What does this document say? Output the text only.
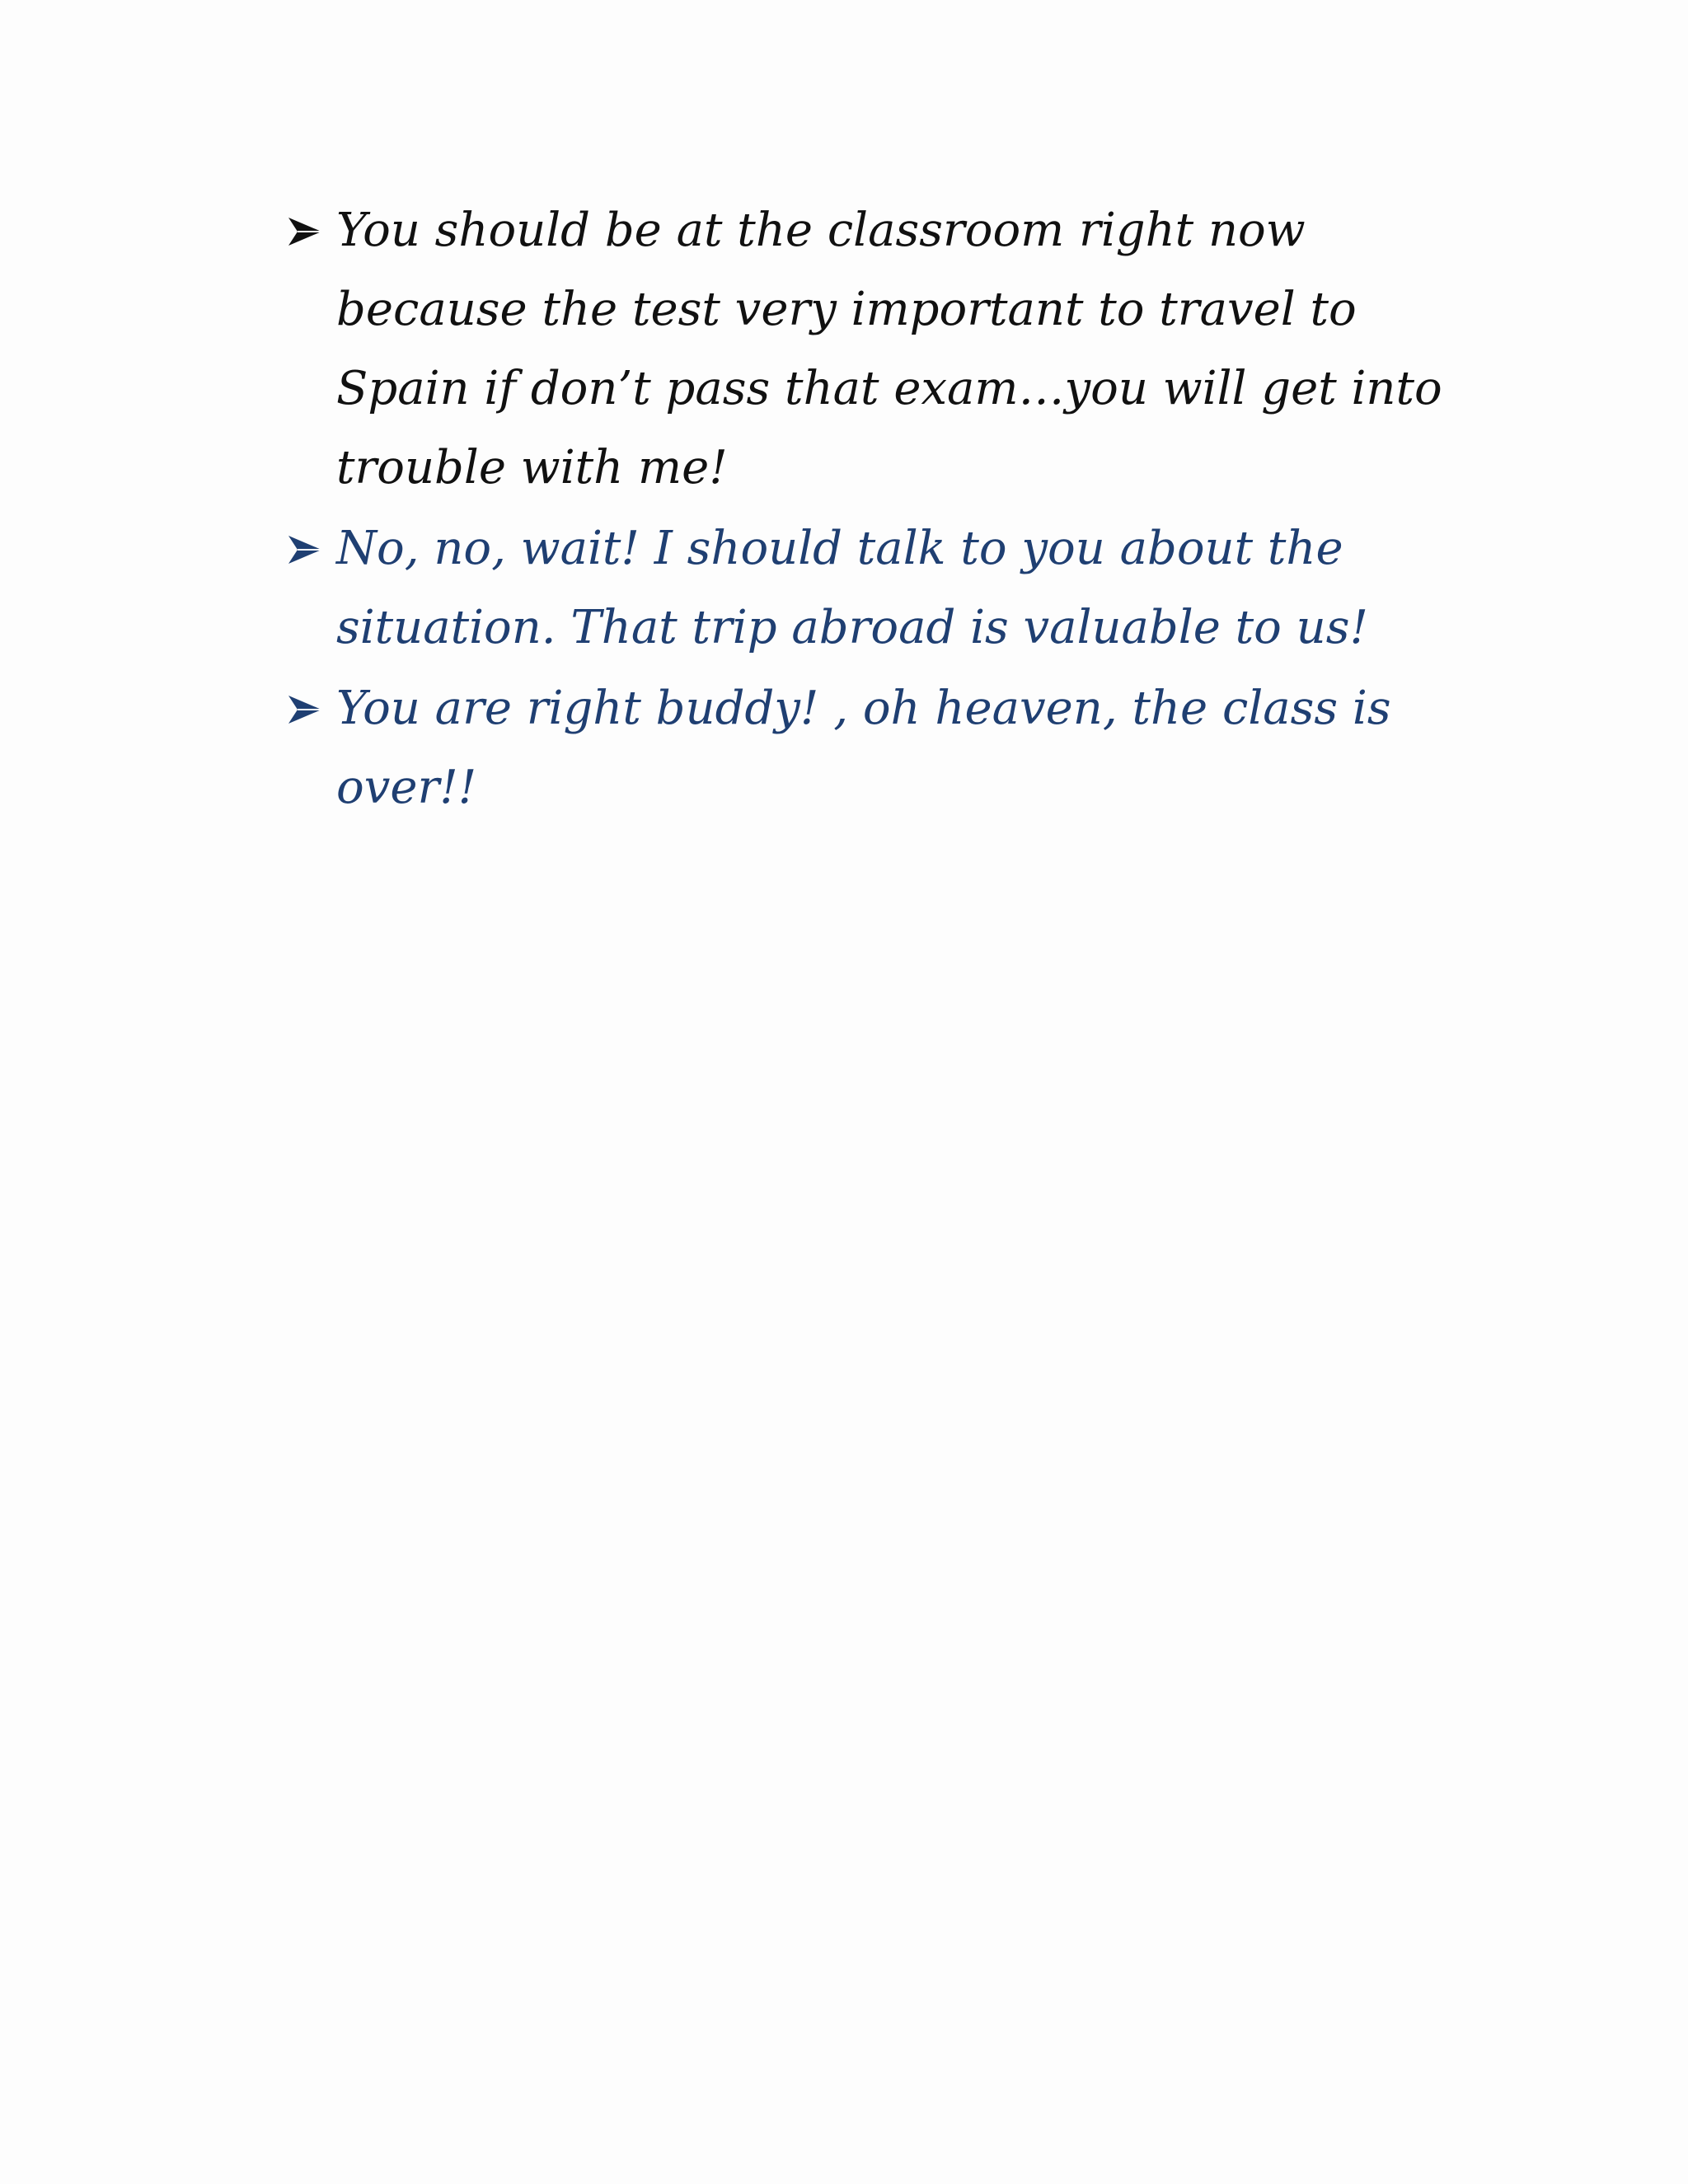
You should be at the classroom right now because the test very important to travel to Spain if don’t pass that exam…you will get into trouble with me!
No, no, wait! I should talk to you about the situation. That trip abroad is valuable to us!
You are right buddy! , oh heaven, the class is over!!
